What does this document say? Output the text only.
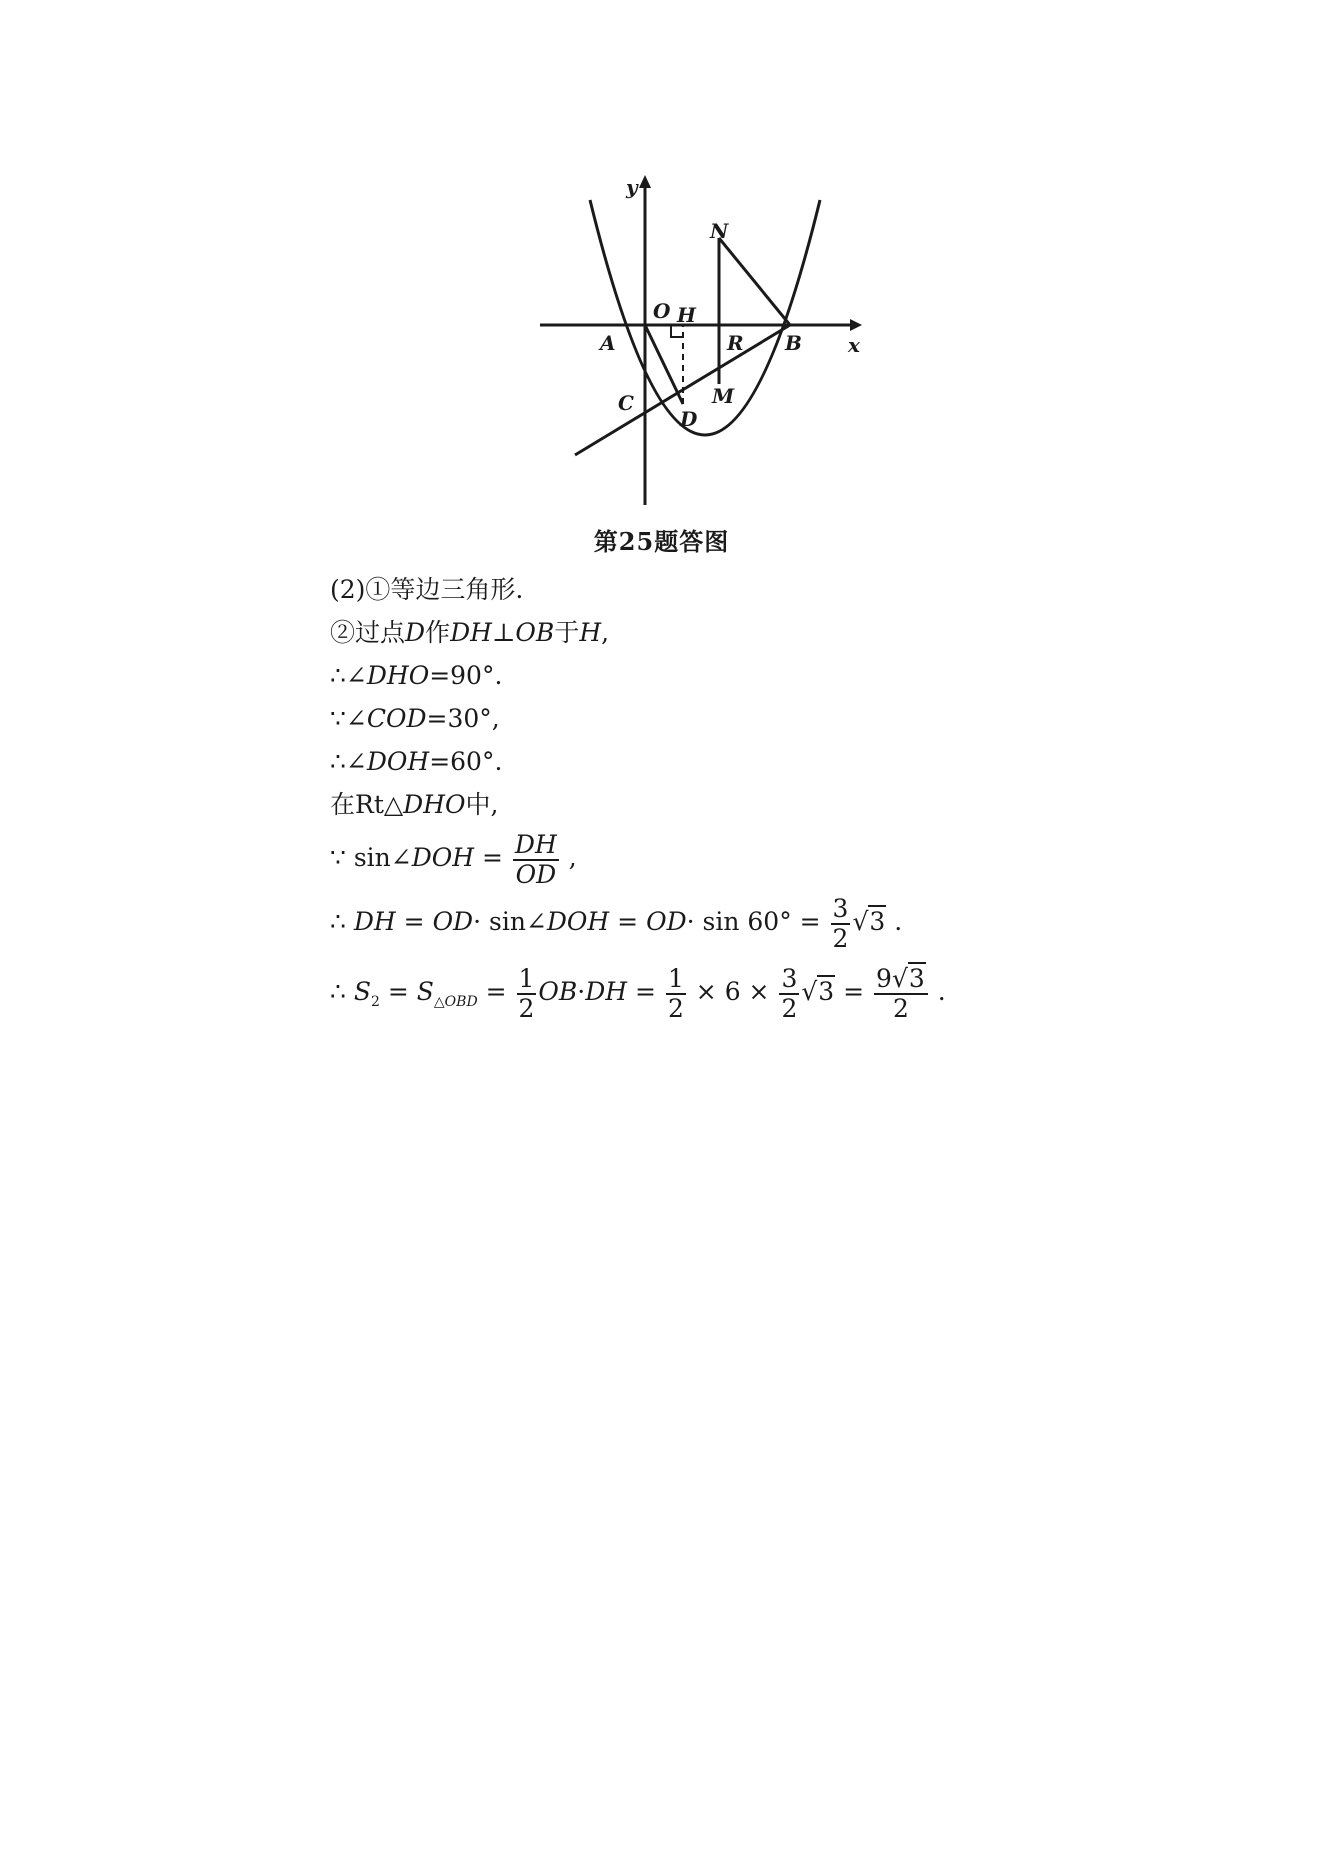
y
x
O H
N
A	R B
C
D
M
第25题答图
(2)①等边三角形.
②过点D作DH⊥OB于H,
∴∠DHO=90°.
∵∠COD=30°,
∴∠DOH=60°.
在Rt△DHO中,
∵ sin∠DOH = $\frac{DH}{OD}$ ,
∴ DH = OD· sin∠DOH = $OD\cdot \sin 60^\circ = \frac{3}{2} √3$ .
∴ $S_2 = S_{\triangle OBD} = \frac{1}{2} OB\cdot DH = \frac{1}{2} \times 6 \times \frac{3}{2} √3 = \frac{9√3}{2}$ .
